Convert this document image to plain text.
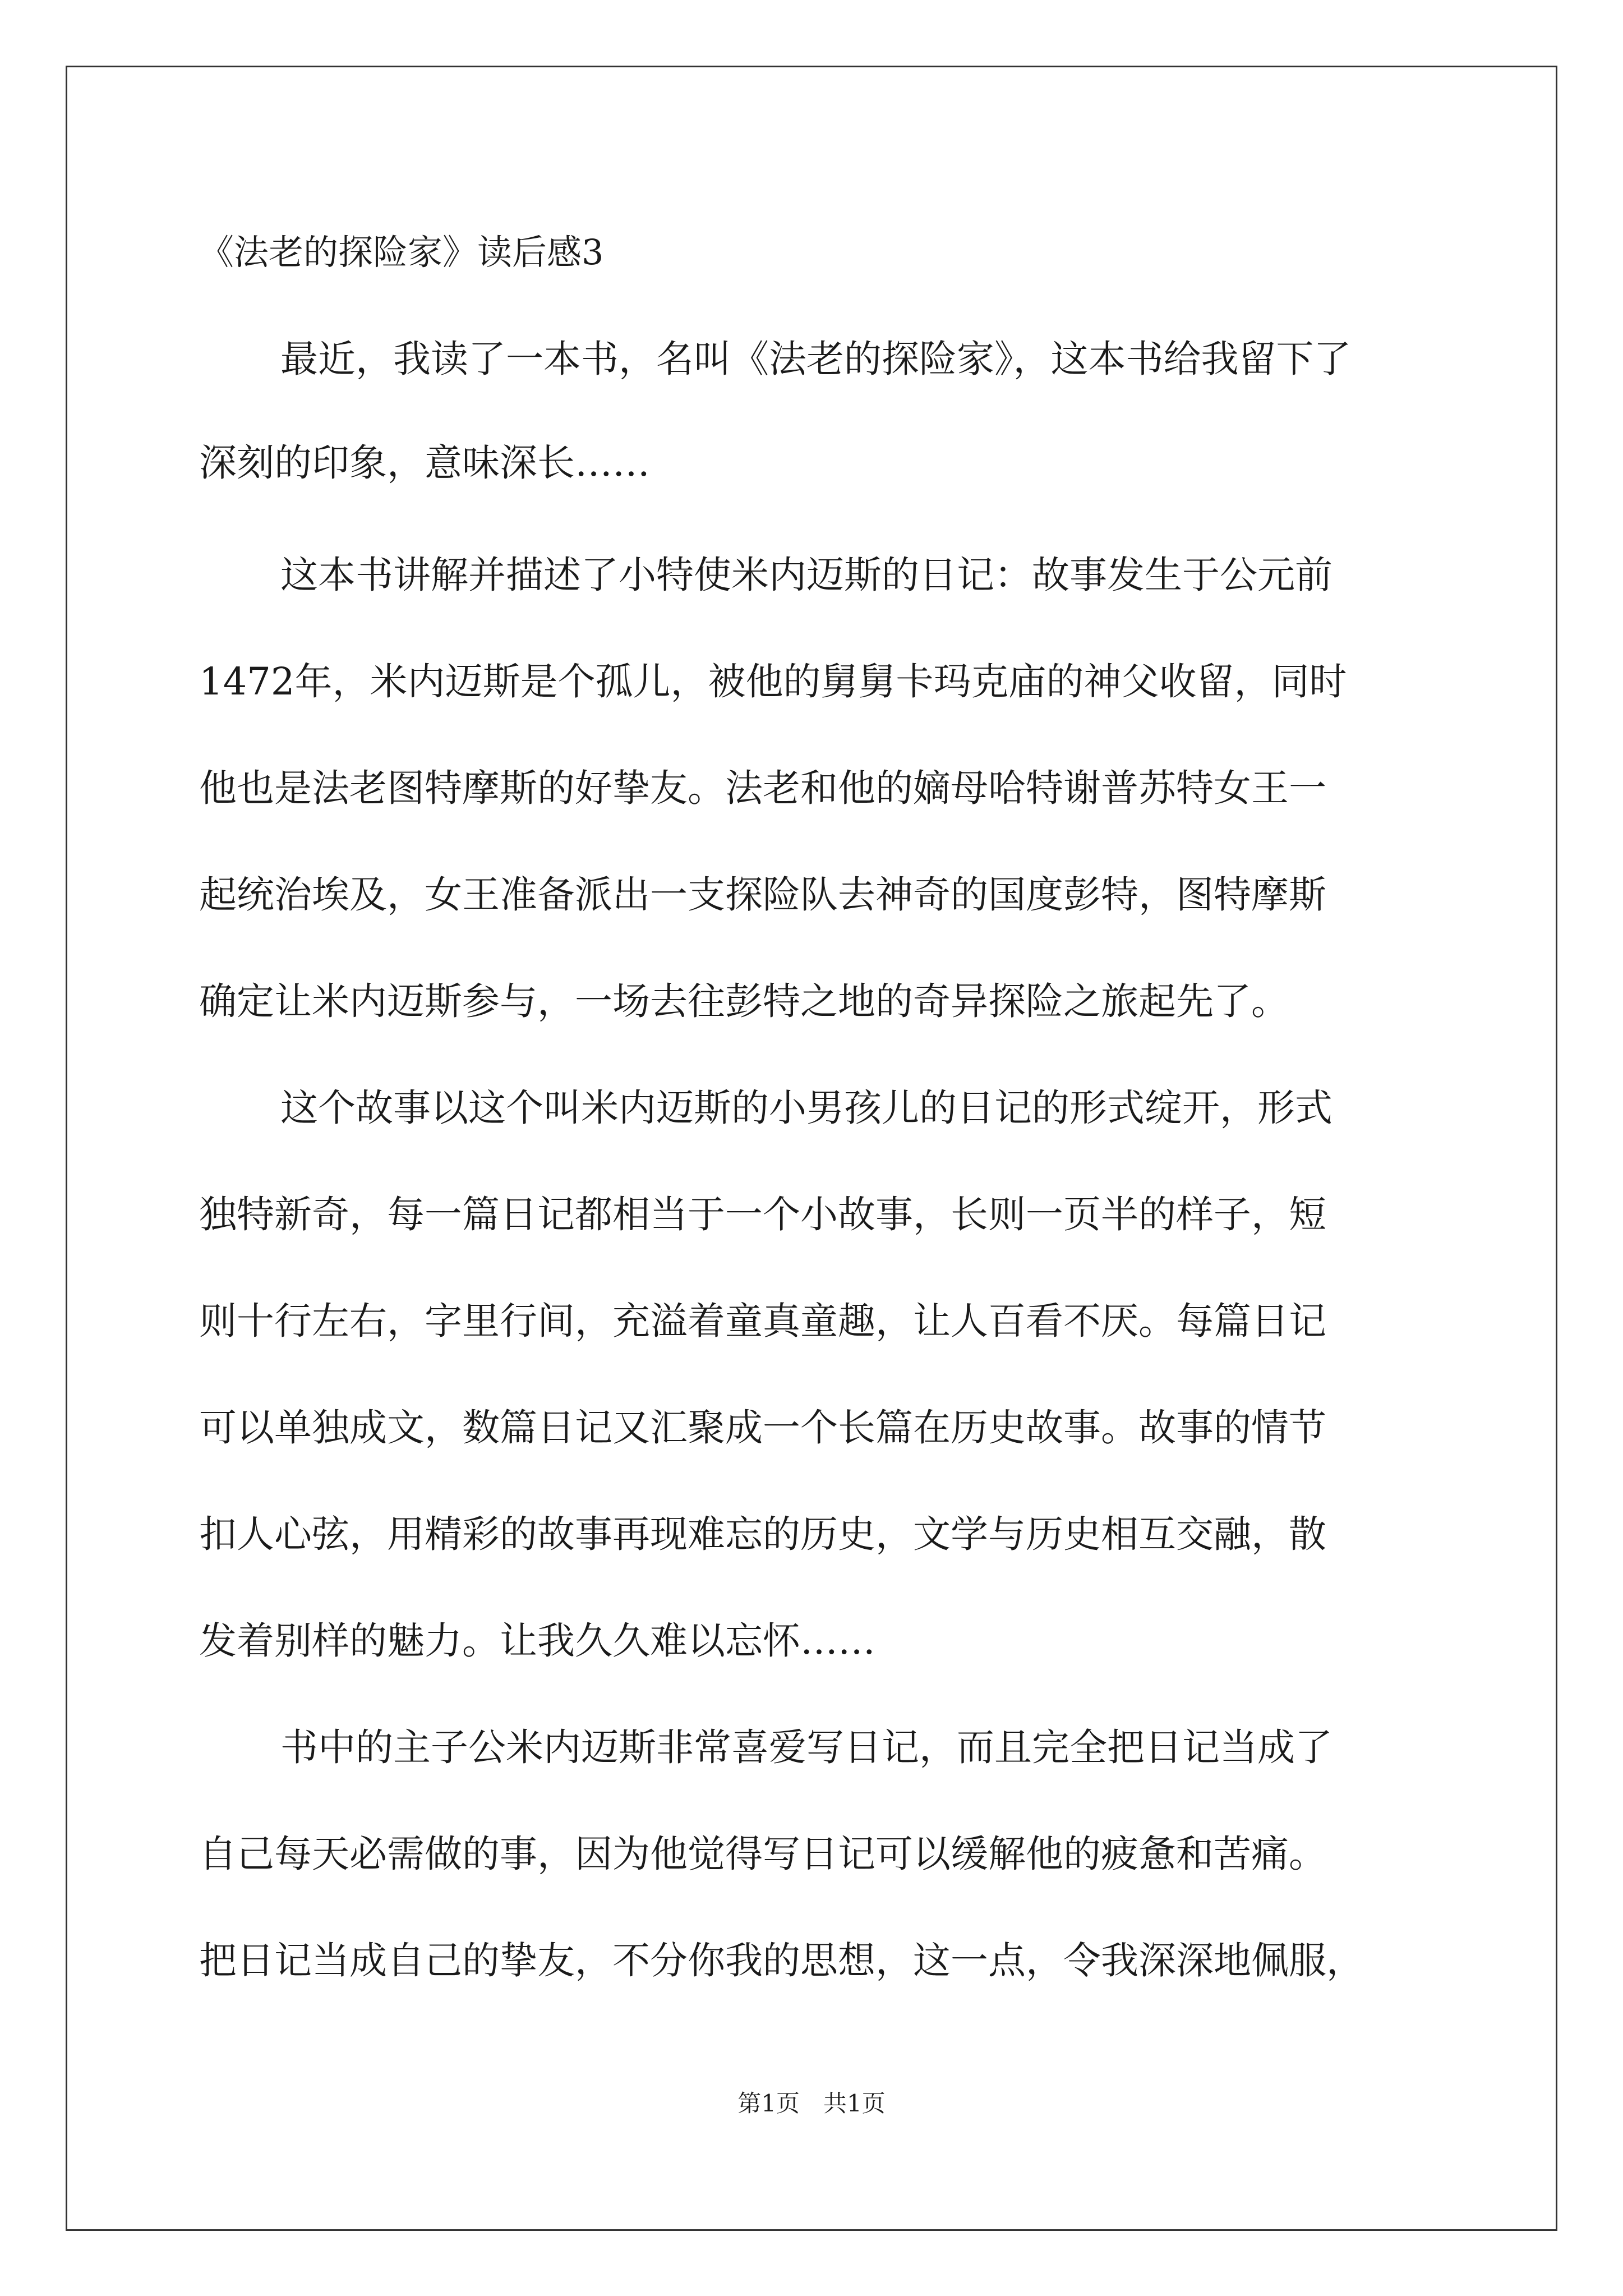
《法老的探险家》读后感3

最近，我读了一本书，名叫《法老的探险家》，这本书给我留下了

深刻的印象，意味深长……

这本书讲解并描述了小特使米内迈斯的日记：故事发生于公元前

1472年，米内迈斯是个孤儿，被他的舅舅卡玛克庙的神父收留，同时

他也是法老图特摩斯的好挚友。法老和他的嫡母哈特谢普苏特女王一

起统治埃及，女王准备派出一支探险队去神奇的国度彭特，图特摩斯

确定让米内迈斯参与，一场去往彭特之地的奇异探险之旅起先了。

这个故事以这个叫米内迈斯的小男孩儿的日记的形式绽开，形式

独特新奇，每一篇日记都相当于一个小故事，长则一页半的样子，短

则十行左右，字里行间，充溢着童真童趣，让人百看不厌。每篇日记

可以单独成文，数篇日记又汇聚成一个长篇在历史故事。故事的情节

扣人心弦，用精彩的故事再现难忘的历史，文学与历史相互交融，散

发着别样的魅力。让我久久难以忘怀……

书中的主子公米内迈斯非常喜爱写日记，而且完全把日记当成了

自己每天必需做的事，因为他觉得写日记可以缓解他的疲惫和苦痛。

把日记当成自己的挚友，不分你我的思想，这一点，令我深深地佩服，

第1页　共1页
